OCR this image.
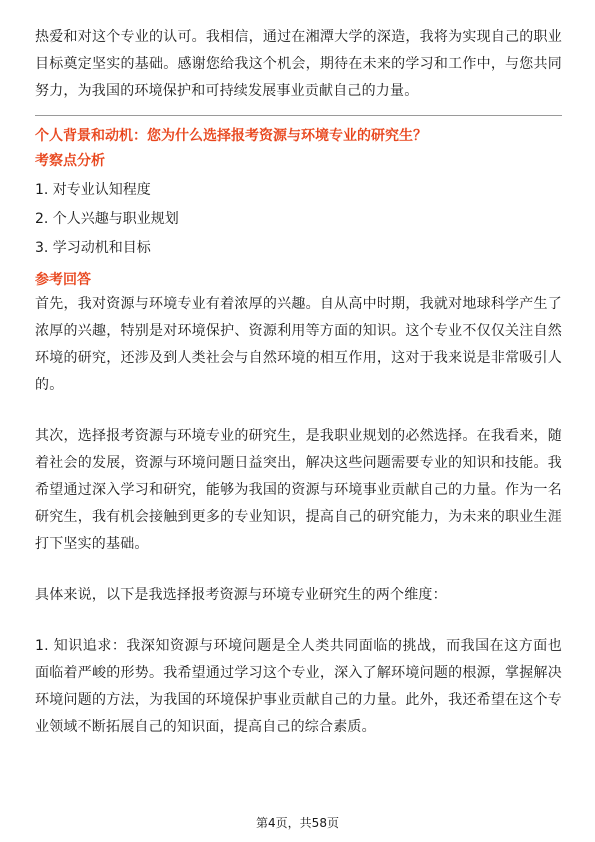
热爱和对这个专业的认可。我相信，通过在湘潭大学的深造，我将为实现自己的职业目标奠定坚实的基础。感谢您给我这个机会，期待在未来的学习和工作中，与您共同努力，为我国的环境保护和可持续发展事业贡献自己的力量。

个人背景和动机：您为什么选择报考资源与环境专业的研究生？

考察点分析

1. 对专业认知程度
2. 个人兴趣与职业规划
3. 学习动机和目标

参考回答

首先，我对资源与环境专业有着浓厚的兴趣。自从高中时期，我就对地球科学产生了浓厚的兴趣，特别是对环境保护、资源利用等方面的知识。这个专业不仅仅关注自然环境的研究，还涉及到人类社会与自然环境的相互作用，这对于我来说是非常吸引人的。

其次，选择报考资源与环境专业的研究生，是我职业规划的必然选择。在我看来，随着社会的发展，资源与环境问题日益突出，解决这些问题需要专业的知识和技能。我希望通过深入学习和研究，能够为我国的资源与环境事业贡献自己的力量。作为一名研究生，我有机会接触到更多的专业知识，提高自己的研究能力，为未来的职业生涯打下坚实的基础。

具体来说，以下是我选择报考资源与环境专业研究生的两个维度：

1. 知识追求：我深知资源与环境问题是全人类共同面临的挑战，而我国在这方面也面临着严峻的形势。我希望通过学习这个专业，深入了解环境问题的根源，掌握解决环境问题的方法，为我国的环境保护事业贡献自己的力量。此外，我还希望在这个专业领域不断拓展自己的知识面，提高自己的综合素质。

第4页，共58页
